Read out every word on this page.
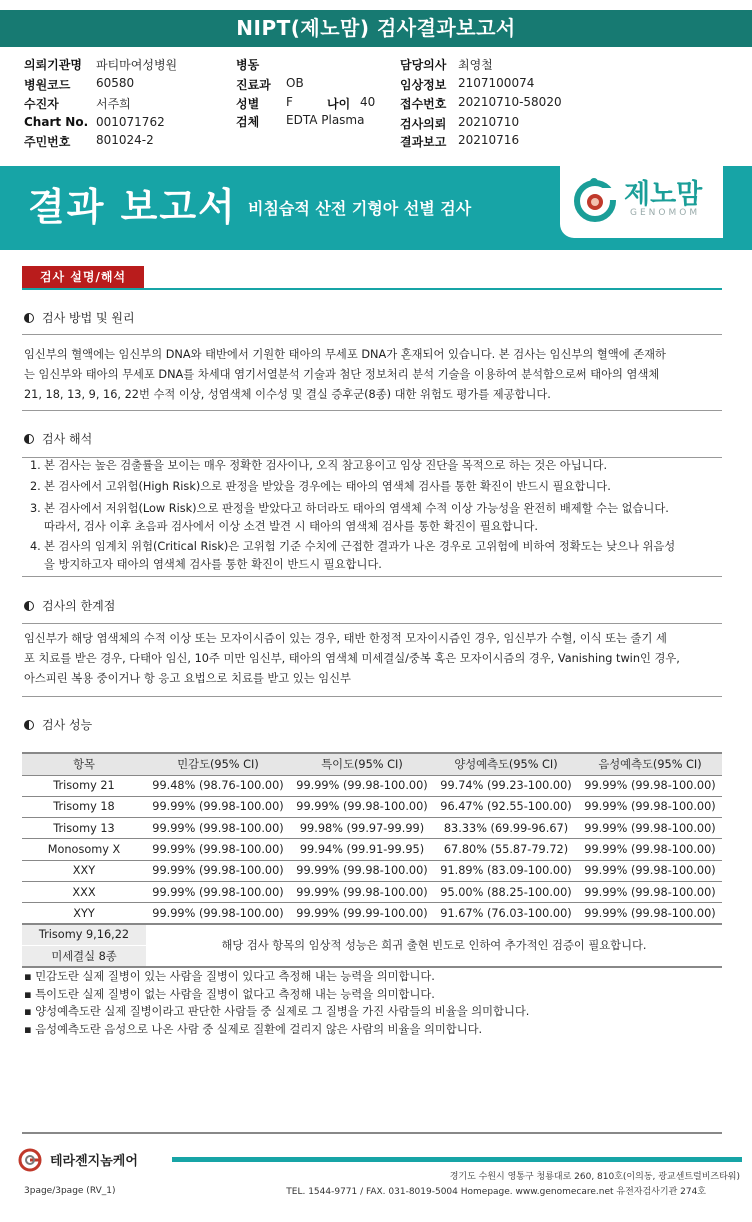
NIPT(제노맘) 검사결과보고서
의뢰기관명 파티마여성병원
병원코드 60580
수진자	서주희
Chart No. 001071762
주민번호 801024-2
병동
진료과 OB
성별 F	나이 40
검체 EDTA Plasma
담당의사 최영철
임상정보 2107100074
접수번호 20210710-58020
검사의뢰 20210710
결과보고 20210716
결과 보고서 비침습적 산전 기형아 선별 검사	제노맘
GENOMOM
검사 설명/해석
검사 방법 및 원리
임신부의 혈액에는 임신부의 DNA와 태반에서 기원한 태아의 무세포 DNA가 혼재되어 있습니다. 본 검사는 임신부의 혈액에 존재하
는 임신부와 태아의 무세포 DNA를 차세대 염기서열분석 기술과 첨단 정보처리 분석 기술을 이용하여 분석함으로써 태아의 염색체
21, 18, 13, 9, 16, 22번 수적 이상, 성염색체 이수성 및 결실 증후군(8종) 대한 위험도 평가를 제공합니다.
검사 해석
1. 본 검사는 높은 검출률을 보이는 매우 정확한 검사이나, 오직 참고용이고 임상 진단을 목적으로 하는 것은 아닙니다.
2. 본 검사에서 고위험(High Risk)으로 판정을 받았을 경우에는 태아의 염색체 검사를 통한 확진이 반드시 필요합니다.
3. 본 검사에서 저위험(Low Risk)으로 판정을 받았다고 하더라도 태아의 염색체 수적 이상 가능성을 완전히 배제할 수는 없습니다.
따라서, 검사 이후 초음파 검사에서 이상 소견 발견 시 태아의 염색체 검사를 통한 확진이 필요합니다.
4. 본 검사의 임계치 위험(Critical Risk)은 고위험 기준 수치에 근접한 결과가 나온 경우로 고위험에 비하여 정확도는 낮으나 위음성
을 방지하고자 태아의 염색체 검사를 통한 확진이 반드시 필요합니다.
검사의 한계점
임신부가 해당 염색체의 수적 이상 또는 모자이시즘이 있는 경우, 태반 한정적 모자이시즘인 경우, 임신부가 수혈, 이식 또는 줄기 세
포 치료를 받은 경우, 다태아 임신, 10주 미만 임신부, 태아의 염색체 미세결실/중복 혹은 모자이시즘의 경우, Vanishing twin인 경우,
아스피린 복용 중이거나 항 응고 요법으로 치료를 받고 있는 임신부
검사 성능
항목	민감도(95% CI)	특이도(95% CI)	양성예측도(95% CI)	음성예측도(95% CI)
Trisomy 21	99.48% (98.76-100.00)	99.99% (99.98-100.00)	99.74% (99.23-100.00)	99.99% (99.98-100.00)
Trisomy 18	99.99% (99.98-100.00)	99.99% (99.98-100.00)	96.47% (92.55-100.00)	99.99% (99.98-100.00)
Trisomy 13	99.99% (99.98-100.00)	99.98% (99.97-99.99)	83.33% (69.99-96.67)	99.99% (99.98-100.00)
Monosomy X	99.99% (99.98-100.00)	99.94% (99.91-99.95)	67.80% (55.87-79.72)	99.99% (99.98-100.00)
XXY	99.99% (99.98-100.00)	99.99% (99.98-100.00)	91.89% (83.09-100.00)	99.99% (99.98-100.00)
XXX	99.99% (99.98-100.00)	99.99% (99.98-100.00)	95.00% (88.25-100.00)	99.99% (99.98-100.00)
XYY	99.99% (99.98-100.00)	99.99% (99.99-100.00)	91.67% (76.03-100.00)	99.99% (99.98-100.00)
Trisomy 9,16,22	해당 검사 항목의 임상적 성능은 희귀 출현 빈도로 인하여 추가적인 검증이 필요합니다.			
미세결실 8종				
▪ 민감도란 실제 질병이 있는 사람을 질병이 있다고 측정해 내는 능력을 의미합니다.
▪ 특이도란 실제 질병이 없는 사람을 질병이 없다고 측정해 내는 능력을 의미합니다.
▪ 양성예측도란 실제 질병이라고 판단한 사람들 중 실제로 그 질병을 가진 사람들의 비율을 의미합니다.
▪ 음성예측도란 음성으로 나온 사람 중 실제로 질환에 걸리지 않은 사람의 비율을 의미합니다.
테라젠지놈케어
3page/3page (RV_1)
경기도 수원시 영통구 청룡대로 260, 810호(이의동, 광교센트럴비즈타워)
TEL. 1544-9771 / FAX. 031-8019-5004 Homepage. www.genomecare.net 유전자검사기관 274호
